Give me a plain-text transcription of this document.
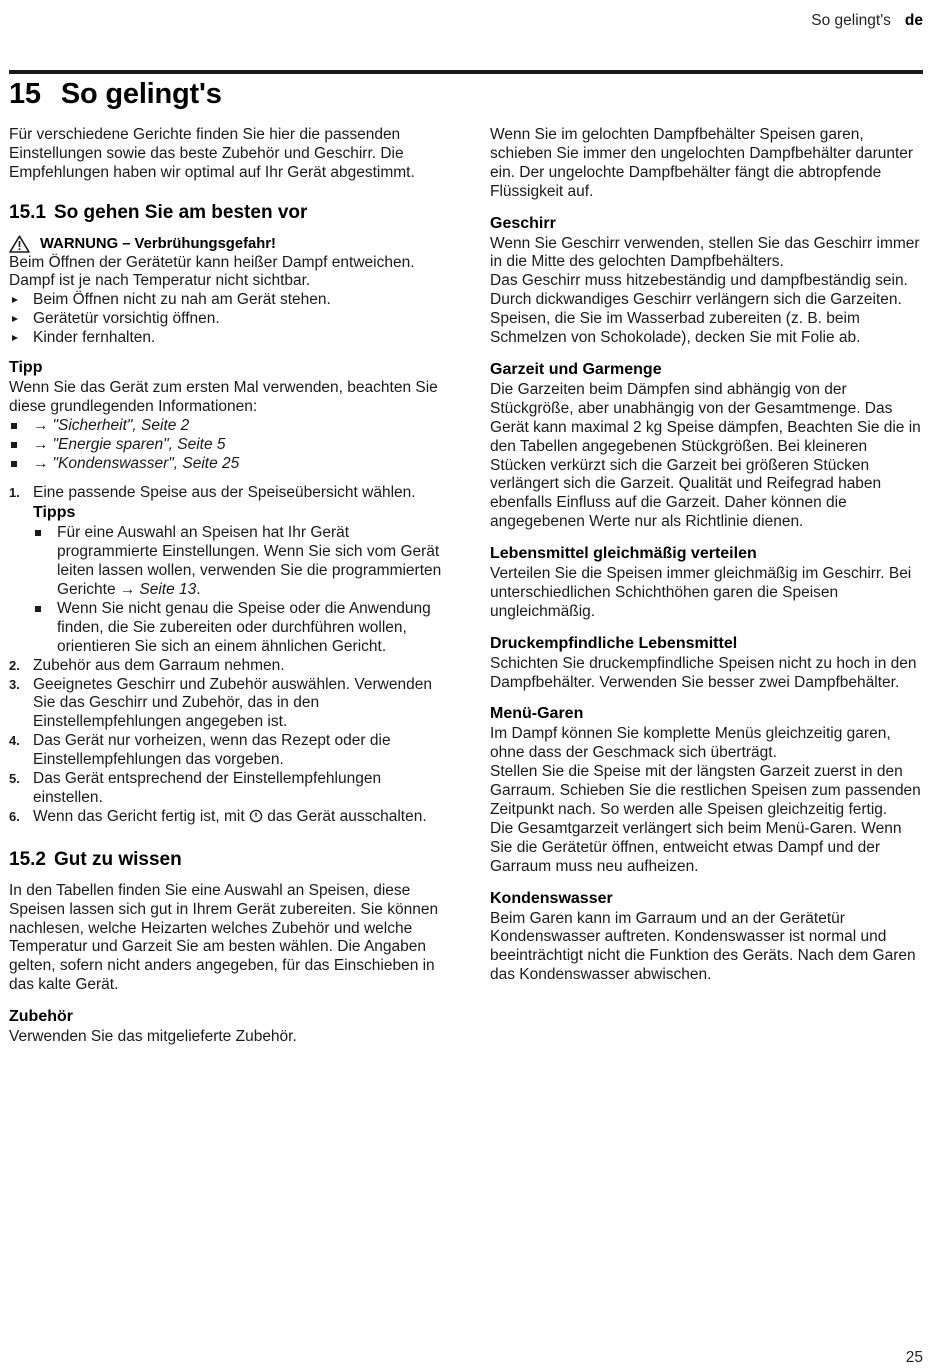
So gelingt's de
15 So gelingt's

Für verschiedene Gerichte finden Sie hier die passenden Einstellungen sowie das beste Zubehör und Geschirr. Die Empfehlungen haben wir optimal auf Ihr Gerät abgestimmt.

15.1 So gehen Sie am besten vor
WARNUNG – Verbrühungsgefahr!

Beim Öffnen der Gerätetür kann heißer Dampf entweichen. Dampf ist je nach Temperatur nicht sichtbar.

Beim Öffnen nicht zu nah am Gerät stehen.
Gerätetür vorsichtig öffnen.
Kinder fernhalten.
Tipp

Wenn Sie das Gerät zum ersten Mal verwenden, beachten Sie diese grundlegenden Informationen:

→ "Sicherheit", Seite 2
→ "Energie sparen", Seite 5
→ "Kondenswasser", Seite 25
1. Eine passende Speise aus der Speiseübersicht wählen.
Tipps
Für eine Auswahl an Speisen hat Ihr Gerät programmierte Einstellungen. Wenn Sie sich vom Gerät leiten lassen wollen, verwenden Sie die programmierten Gerichte → Seite 13.
Wenn Sie nicht genau die Speise oder die Anwendung finden, die Sie zubereiten oder durchführen wollen, orientieren Sie sich an einem ähnlichen Gericht.
2. Zubehör aus dem Garraum nehmen.
3. Geeignetes Geschirr und Zubehör auswählen. Verwenden Sie das Geschirr und Zubehör, das in den Einstellempfehlungen angegeben ist.
4. Das Gerät nur vorheizen, wenn das Rezept oder die Einstellempfehlungen das vorgeben.
5. Das Gerät entsprechend der Einstellempfehlungen einstellen.
6. Wenn das Gericht fertig ist, mit das Gerät ausschalten.
15.2 Gut zu wissen

In den Tabellen finden Sie eine Auswahl an Speisen, diese Speisen lassen sich gut in Ihrem Gerät zubereiten. Sie können nachlesen, welche Heizarten welches Zubehör und welche Temperatur und Garzeit Sie am besten wählen. Die Angaben gelten, sofern nicht anders angegeben, für das Einschieben in das kalte Gerät.

Zubehör

Verwenden Sie das mitgelieferte Zubehör.

Wenn Sie im gelochten Dampfbehälter Speisen garen, schieben Sie immer den ungelochten Dampfbehälter darunter ein. Der ungelochte Dampfbehälter fängt die abtropfende Flüssigkeit auf.

Geschirr

Wenn Sie Geschirr verwenden, stellen Sie das Geschirr immer in die Mitte des gelochten Dampfbehälters.

Das Geschirr muss hitzebeständig und dampfbeständig sein. Durch dickwandiges Geschirr verlängern sich die Garzeiten.

Speisen, die Sie im Wasserbad zubereiten (z. B. beim Schmelzen von Schokolade), decken Sie mit Folie ab.

Garzeit und Garmenge

Die Garzeiten beim Dämpfen sind abhängig von der Stückgröße, aber unabhängig von der Gesamtmenge. Das Gerät kann maximal 2 kg Speise dämpfen, Beachten Sie die in den Tabellen angegebenen Stückgrößen. Bei kleineren Stücken verkürzt sich die Garzeit bei größeren Stücken verlängert sich die Garzeit. Qualität und Reifegrad haben ebenfalls Einfluss auf die Garzeit. Daher können die angegebenen Werte nur als Richtlinie dienen.

Lebensmittel gleichmäßig verteilen

Verteilen Sie die Speisen immer gleichmäßig im Geschirr. Bei unterschiedlichen Schichthöhen garen die Speisen ungleichmäßig.

Druckempfindliche Lebensmittel

Schichten Sie druckempfindliche Speisen nicht zu hoch in den Dampfbehälter. Verwenden Sie besser zwei Dampfbehälter.

Menü-Garen

Im Dampf können Sie komplette Menüs gleichzeitig garen, ohne dass der Geschmack sich überträgt.

Stellen Sie die Speise mit der längsten Garzeit zuerst in den Garraum. Schieben Sie die restlichen Speisen zum passenden Zeitpunkt nach. So werden alle Speisen gleichzeitig fertig.

Die Gesamtgarzeit verlängert sich beim Menü-Garen. Wenn Sie die Gerätetür öffnen, entweicht etwas Dampf und der Garraum muss neu aufheizen.

Kondenswasser

Beim Garen kann im Garraum und an der Gerätetür Kondenswasser auftreten. Kondenswasser ist normal und beeinträchtigt nicht die Funktion des Geräts. Nach dem Garen das Kondenswasser abwischen.

25
